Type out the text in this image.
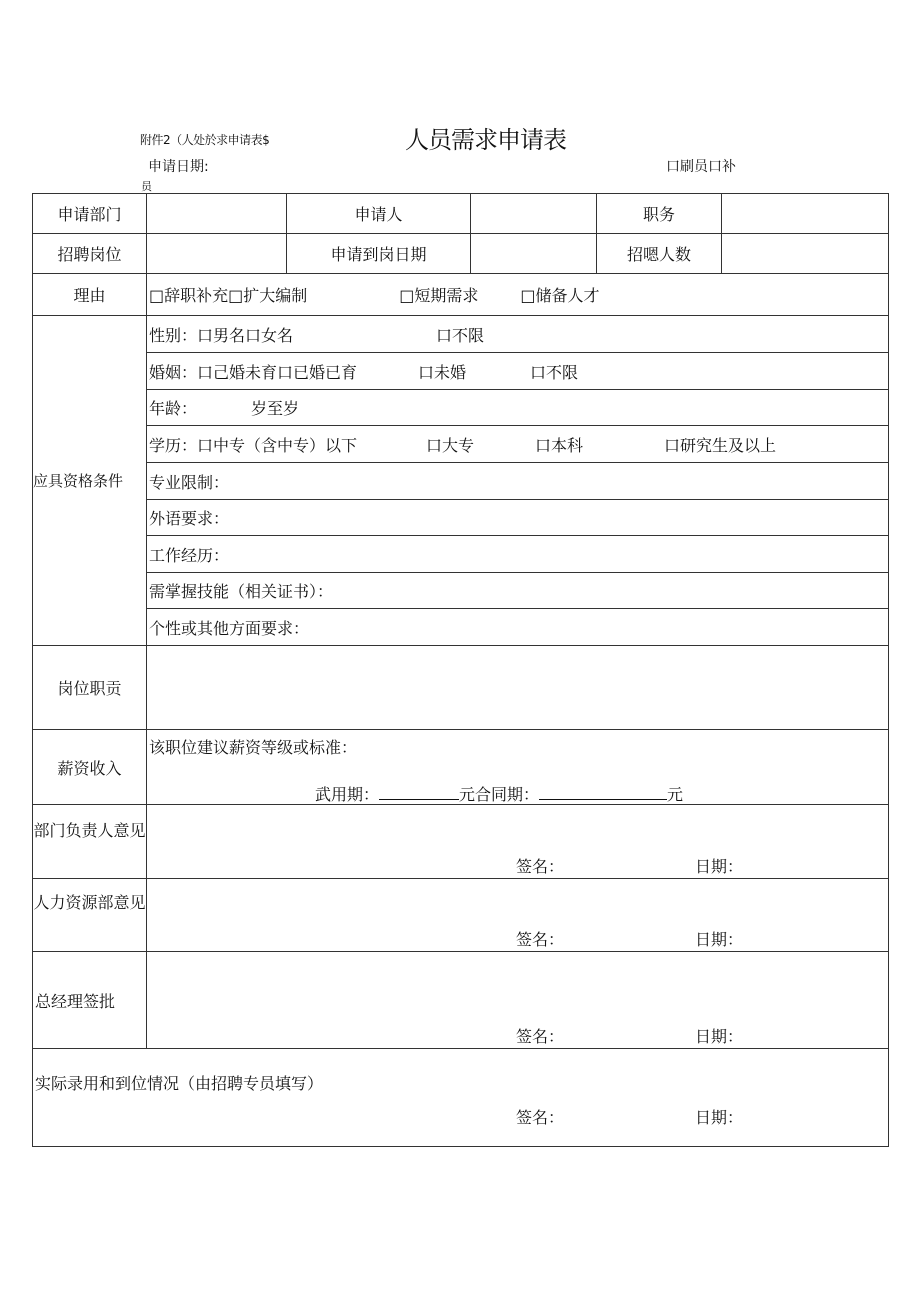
附件2（人处於求申请表$	人员需求申请表
申请日期:	口刷员口补
员
申请部门		申请人		职务	
招聘岗位		申请到岗日期		招嗯人数	
理由	□辞职补充□扩大编制 □短期需求 □储备人才				
应具资格条件	性别：口男名口女名 口不限				
	婚姻：口己婚未育口已婚已育 口未婚 口不限				
	年龄： 岁至岁				
	学历：口中专（含中专）以下 口大专 口本科 口研究生及以上				
	专业限制：				
	外语要求：				
	工作经历：				
	需掌握技能（相关证书）：				
	个性或其他方面要求：				
岗位职贡					
薪资收入	该职位建议薪资等级或标准：
武用期： 元合同期： 元				

部门负责人意见	签名： 日期：				

人力资源部意见	签名： 日期：				

总经理签批	签名： 日期：				

实际录用和到位情况（由招聘专员填写）
签名： 日期：					
